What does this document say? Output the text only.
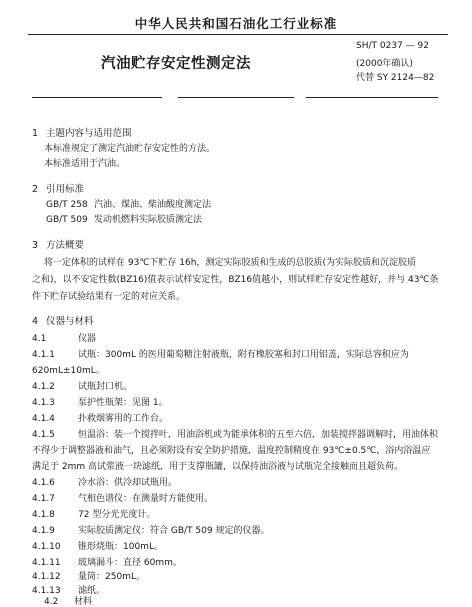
中华人民共和国石油化工行业标准
汽油贮存安定性测定法
SH/T 0237 — 92
(2000年确认)
代替 SY 2124—82
1 主题内容与适用范围
本标准规定了测定汽油贮存安定性的方法。
本标准适用于汽油。
2 引用标准
GB/T 258 汽油、煤油、柴油酸度测定法
GB/T 509 发动机燃料实际胶质测定法
3 方法概要
将一定体积的试样在 93℃下贮存 16h，测定实际胶质和生成的总胶质(为实际胶质和沉淀胶质
之和)，以不安定性数(BZ16)值表示试样安定性，BZ16值越小，则试样贮存安定性越好，并与 43℃条
件下贮存试验结果有一定的对应关系。
4 仪器与材料
4.1	仪器
4.1.1	试瓶：300mL 的医用葡萄糖注射液瓶，附有橡胶塞和封口用铝盖，实际总容积应为
620mL±10mL。
4.1.2	试瓶封口机。
4.1.3	泵护性瓶架：见图 1。
4.1.4	扑救烟雾用的工作台。
4.1.5	恒温浴：装一个搅拌叶，用油浴机或为能承体积的五至六倍，加装搅拌器调解时，用油体积
不得少于调整器液和油气，且必须附设有安全防护措施，温度控制精度在 93℃±0.5℃，浴内浴温应
满足于 2mm 高试浆液一块滤纸，用于支撑瓶罐，以保持油浴液与试瓶完全接触而且超负荷。
4.1.6	冷水浴：供冷却试瓶用。
4.1.7	气相色谱仪：在测量时方能使用。
4.1.8	72 型分光光度计。
4.1.9	实际胶质测定仪：符合 GB/T 509 规定的仪器。
4.1.10 锥形烧瓶：100mL。
4.1.11 玻璃漏斗：直径 60mm。
4.1.12 量筒：250mL。
4.1.13 滤纸。
4.2 材料
